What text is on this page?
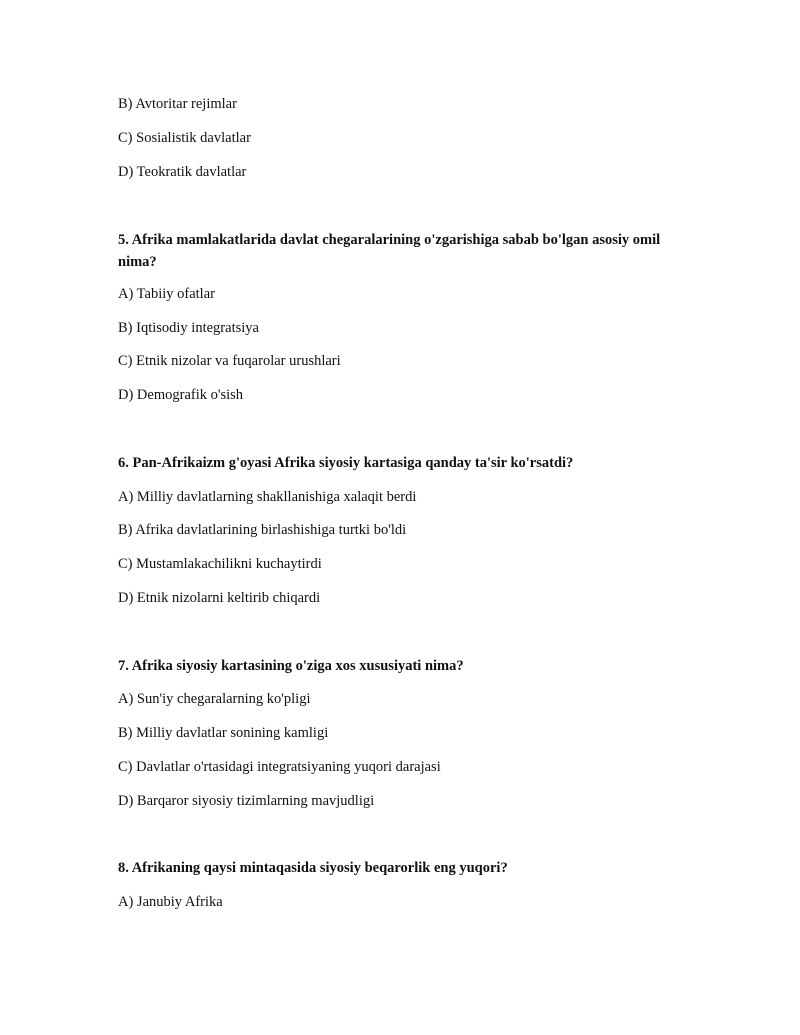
B) Avtoritar rejimlar
C) Sosialistik davlatlar
D) Teokratik davlatlar
5. Afrika mamlakatlarida davlat chegaralarining o'zgarishiga sabab bo'lgan asosiy omil nima?
A) Tabiiy ofatlar
B) Iqtisodiy integratsiya
C) Etnik nizolar va fuqarolar urushlari
D) Demografik o'sish
6. Pan-Afrikaizm g'oyasi Afrika siyosiy kartasiga qanday ta'sir ko'rsatdi?
A) Milliy davlatlarning shakllanishiga xalaqit berdi
B) Afrika davlatlarining birlashishiga turtki bo'ldi
C) Mustamlakachilikni kuchaytirdi
D) Etnik nizolarni keltirib chiqardi
7. Afrika siyosiy kartasining o'ziga xos xususiyati nima?
A) Sun'iy chegaralarning ko'pligi
B) Milliy davlatlar sonining kamligi
C) Davlatlar o'rtasidagi integratsiyaning yuqori darajasi
D) Barqaror siyosiy tizimlarning mavjudligi
8. Afrikaning qaysi mintaqasida siyosiy beqarorlik eng yuqori?
A) Janubiy Afrika
